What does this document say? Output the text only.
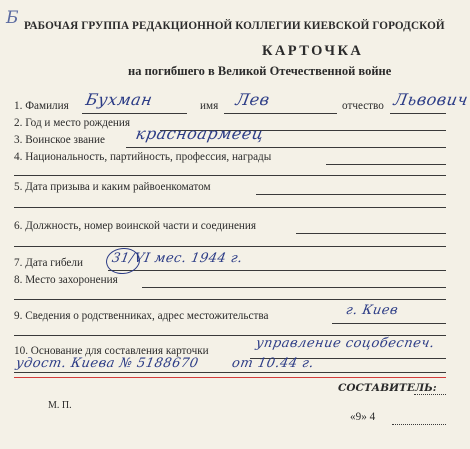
Б РАБОЧАЯ ГРУППА РЕДАКЦИОННОЙ КОЛЛЕГИИ КИЕВСКОЙ ГОРОДСКОЙ
КАРТОЧКА
на погибшего в Великой Отечественной войне
1. Фамилия Бухман	имя Лев	отчество Львович
2. Год и место рождения
3. Воинское звание красноармеец
4. Национальность, партийность, профессия, награды
5. Дата призыва и каким райвоенкоматом
6. Должность, номер воинской части и соединения
7. Дата гибели 31/VI мес. 1944 г.
8. Место захоронения
9. Сведения о родственниках, адрес местожительства	г. Киев
10. Основание для составления карточки	управление соцобеспеч.
удост. Киева № 5188670 от 10.44 г.
СОСТАВИТЕЛЬ:
М. П.
«9» 4
